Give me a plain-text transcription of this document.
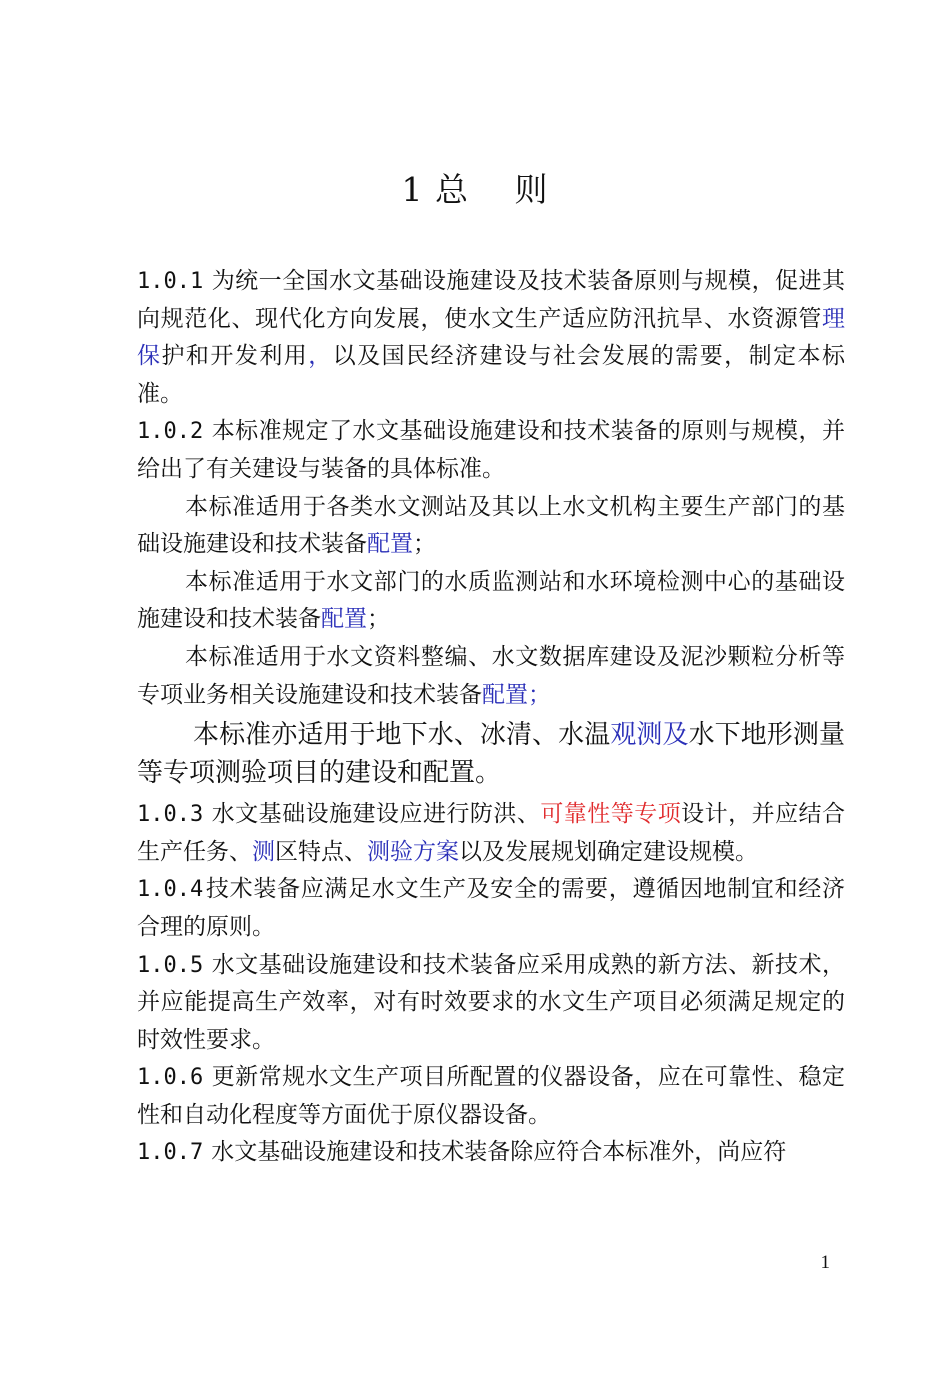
1 总　 则

1.0.1 为统一全国水文基础设施建设及技术装备原则与规模，促进其向规范化、现代化方向发展，使水文生产适应防汛抗旱、水资源管理保护和开发利用，以及国民经济建设与社会发展的需要，制定本标准。

1.0.2 本标准规定了水文基础设施建设和技术装备的原则与规模，并给出了有关建设与装备的具体标准。

本标准适用于各类水文测站及其以上水文机构主要生产部门的基础设施建设和技术装备配置；

本标准适用于水文部门的水质监测站和水环境检测中心的基础设施建设和技术装备配置；

本标准适用于水文资料整编、水文数据库建设及泥沙颗粒分析等专项业务相关设施建设和技术装备配置；

本标准亦适用于地下水、冰清、水温观测及水下地形测量等专项测验项目的建设和配置。

1.0.3 水文基础设施建设应进行防洪、可靠性等专项设计，并应结合生产任务、测区特点、测验方案以及发展规划确定建设规模。

1.0.4技术装备应满足水文生产及安全的需要，遵循因地制宜和经济合理的原则。

1.0.5 水文基础设施建设和技术装备应采用成熟的新方法、新技术，并应能提高生产效率，对有时效要求的水文生产项目必须满足规定的时效性要求。

1.0.6 更新常规水文生产项目所配置的仪器设备，应在可靠性、稳定性和自动化程度等方面优于原仪器设备。

1.0.7 水文基础设施建设和技术装备除应符合本标准外，尚应符

1
